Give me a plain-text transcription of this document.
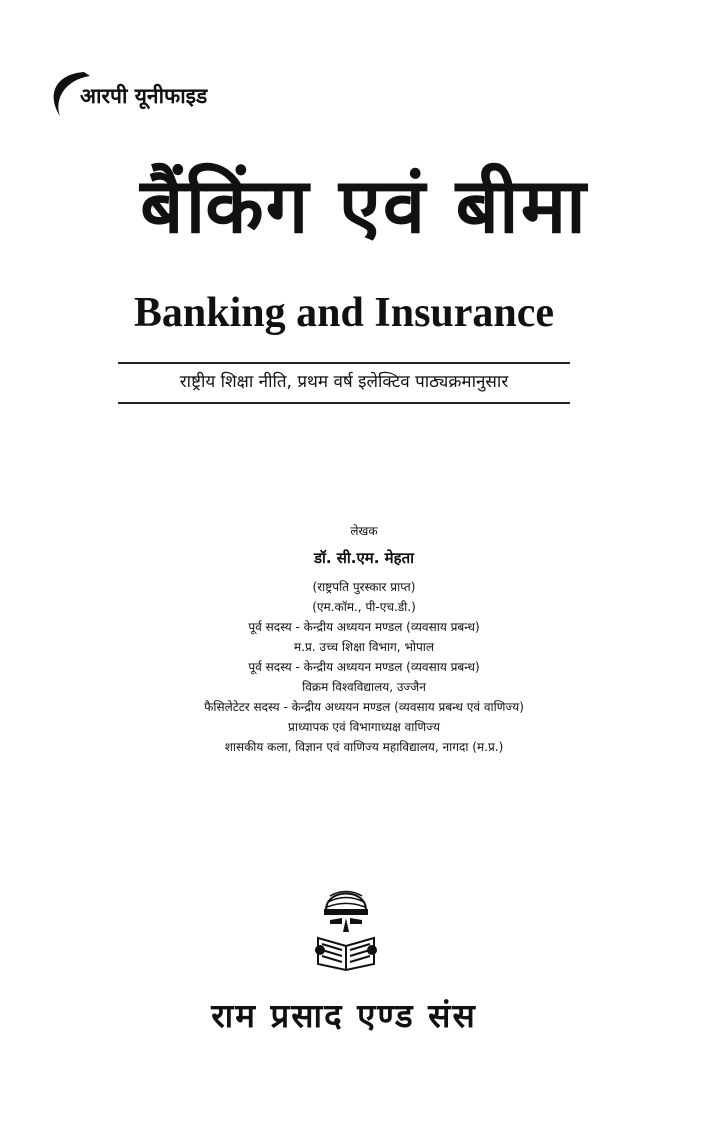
आरपी यूनीफाइड
बैंकिंग एवं बीमा
Banking and Insurance
राष्ट्रीय शिक्षा नीति, प्रथम वर्ष इलेक्टिव पाठ्यक्रमानुसार
लेखक
डॉ. सी.एम. मेहता
(राष्ट्रपति पुरस्कार प्राप्त)
(एम.कॉम., पी-एच.डी.)
पूर्व सदस्य - केन्द्रीय अध्ययन मण्डल (व्यवसाय प्रबन्ध)
म.प्र. उच्च शिक्षा विभाग, भोपाल
पूर्व सदस्य - केन्द्रीय अध्ययन मण्डल (व्यवसाय प्रबन्ध)
विक्रम विश्वविद्यालय, उज्जैन
फैसिलेटेटर सदस्य - केन्द्रीय अध्ययन मण्डल (व्यवसाय प्रबन्ध एवं वाणिज्य)
प्राध्यापक एवं विभागाध्यक्ष वाणिज्य
शासकीय कला, विज्ञान एवं वाणिज्य महाविद्यालय, नागदा (म.प्र.)
राम प्रसाद एण्ड संस
